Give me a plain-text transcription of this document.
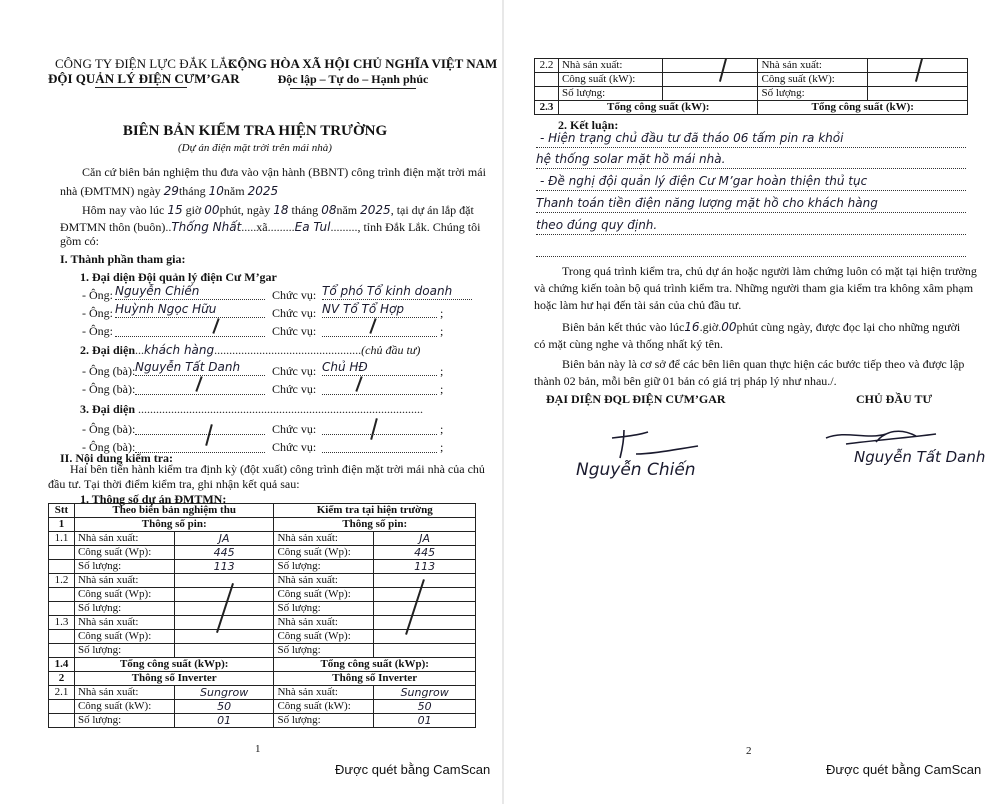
CÔNG TY ĐIỆN LỰC ĐẮK LẮK
ĐỘI QUẢN LÝ ĐIỆN CƯM’GAR
CỘNG HÒA XÃ HỘI CHỦ NGHĨA VIỆT NAM
Độc lập – Tự do – Hạnh phúc
BIÊN BẢN KIỂM TRA HIỆN TRƯỜNG
(Dự án điện mặt trời trên mái nhà)
Căn cứ biên bản nghiệm thu đưa vào vận hành (BBNT) công trình điện mặt trời mái
nhà (ĐMTMN) ngày 29tháng 10năm 2025
Hôm nay vào lúc 15 giờ 00phút, ngày 18 tháng 08năm 2025, tại dự án lắp đặt
ĐMTMN thôn (buôn)..Thống Nhất.....xã.........Ea Tul........., tỉnh Đắk Lắk. Chúng tôi
gồm có:
I. Thành phần tham gia:
1. Đại diện Đội quản lý điện Cư M’gar
- Ông: Nguyễn Chiến	Chức vụ: Tổ phó Tổ kinh doanh
- Ông: Huỳnh Ngọc Hữu	Chức vụ: NV Tổ Tổ Hợp	;
- Ông:	Chức vụ:	;
2. Đại diện...khách hàng.................................................(chủ đầu tư)
- Ông (bà): Nguyễn Tất Danh	Chức vụ: Chủ HĐ	;
- Ông (bà):	Chức vụ:	;
3. Đại diện ...............................................................................................
- Ông (bà):	Chức vụ:	;
- Ông (bà):	Chức vụ:	;
II. Nội dung kiểm tra:
Hai bên tiến hành kiểm tra định kỳ (đột xuất) công trình điện mặt trời mái nhà của chủ
đầu tư. Tại thời điểm kiểm tra, ghi nhận kết quả sau:
1. Thông số dự án ĐMTMN:
Stt	Theo biên bản nghiệm thu		Kiểm tra tại hiện trường	
1	Thông số pin:		Thông số pin:	
1.1	Nhà sản xuất:	JA	Nhà sản xuất:	JA
	Công suất (Wp):	445	Công suất (Wp):	445
	Số lượng:	113	Số lượng:	113
1.2	Nhà sản xuất:		Nhà sản xuất:	
	Công suất (Wp):		Công suất (Wp):	
	Số lượng:		Số lượng:	
1.3	Nhà sản xuất:		Nhà sản xuất:	
	Công suất (Wp):		Công suất (Wp):	
	Số lượng:		Số lượng:	
1.4	Tổng công suất (kWp):		Tổng công suất (kWp):	
2	Thông số Inverter		Thông số Inverter	
2.1	Nhà sản xuất:	Sungrow	Nhà sản xuất:	Sungrow
	Công suất (kW):	50	Công suất (kW):	50
	Số lượng:	01	Số lượng:	01
1
Được quét bằng CamScan
2.2	Nhà sản xuất:		Nhà sản xuất:	
	Công suất (kW):		Công suất (kW):	
	Số lượng:		Số lượng:	
2.3	Tổng công suất (kW):		Tổng công suất (kW):	
2. Kết luận:
- Hiện trạng chủ đầu tư đã tháo 06 tấm pin ra khỏi
hệ thống solar mặt hồ mái nhà.
- Đề nghị đội quản lý điện Cư M’gar hoàn thiện thủ tục
Thanh toán tiền điện năng lượng mặt hồ cho khách hàng
theo đúng quy định.
Trong quá trình kiểm tra, chủ dự án hoặc người làm chứng luôn có mặt tại hiện trường
và chứng kiến toàn bộ quá trình kiểm tra. Những người tham gia kiểm tra không xâm phạm
hoặc làm hư hại đến tài sản của chủ đầu tư.
Biên bản kết thúc vào lúc16.giờ.00phút cùng ngày, được đọc lại cho những người
có mặt cùng nghe và thống nhất ký tên.
Biên bản này là cơ sở để các bên liên quan thực hiện các bước tiếp theo và được lập
thành 02 bản, mỗi bên giữ 01 bản có giá trị pháp lý như nhau./.
ĐẠI DIỆN ĐQL ĐIỆN CƯM’GAR	CHỦ ĐẦU TƯ
Nguyễn Chiến
Nguyễn Tất Danh
2
Được quét bằng CamScan
